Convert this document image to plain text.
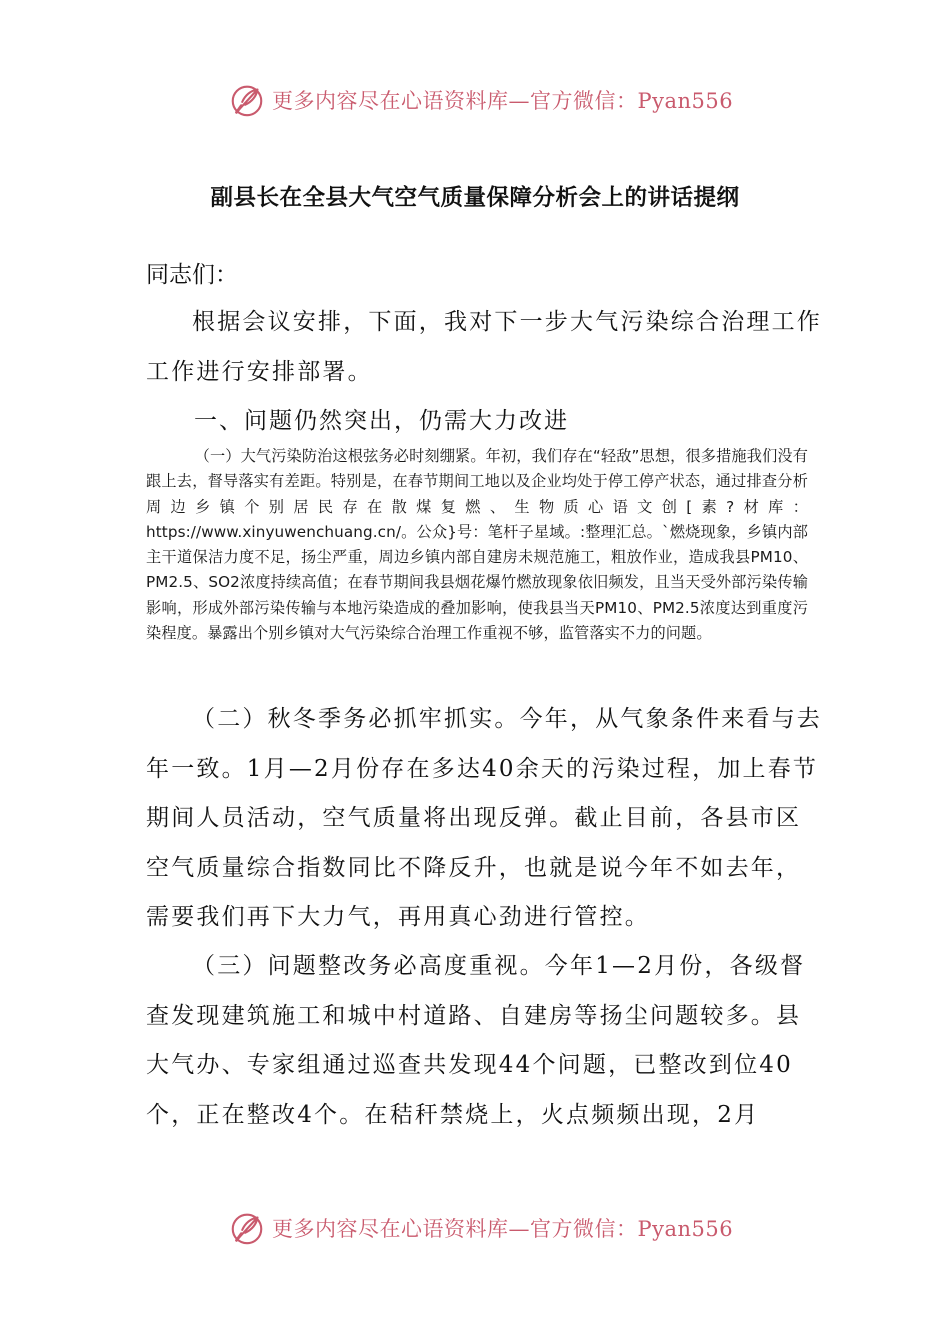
更多内容尽在心语资料库—官方微信：Pyan556
副县长在全县大气空气质量保障分析会上的讲话提纲
同志们：

根据会议安排，下面，我对下一步大气污染综合治理工作工作进行安排部署。

一、问题仍然突出，仍需大力改进

（一）大气污染防治这根弦务必时刻绷紧。年初，我们存在“轻敌”思想，很多措施我们没有跟上去，督导落实有差距。特别是，在春节期间工地以及企业均处于停工停产状态，通过排查分析周边乡镇个别居民存在散煤复燃、生物质心语文创[素?材库：https://www.xinyuwenchuang.cn/。公众}号：笔杆子星域。:整理汇总。`燃烧现象，乡镇内部主干道保洁力度不足，扬尘严重，周边乡镇内部自建房未规范施工，粗放作业，造成我县PM10、PM2.5、SO2浓度持续高值；在春节期间我县烟花爆竹燃放现象依旧频发，且当天受外部污染传输影响，形成外部污染传输与本地污染造成的叠加影响，使我县当天PM10、PM2.5浓度达到重度污染程度。暴露出个别乡镇对大气污染综合治理工作重视不够，监管落实不力的问题。

（二）秋冬季务必抓牢抓实。今年，从气象条件来看与去年一致。1月—2月份存在多达40余天的污染过程，加上春节期间人员活动，空气质量将出现反弹。截止目前，各县市区空气质量综合指数同比不降反升，也就是说今年不如去年，需要我们再下大力气，再用真心劲进行管控。

（三）问题整改务必高度重视。今年1—2月份，各级督查发现建筑施工和城中村道路、自建房等扬尘问题较多。县大气办、专家组通过巡查共发现44个问题，已整改到位40个，正在整改4个。在秸秆禁烧上，火点频频出现，2月

更多内容尽在心语资料库—官方微信：Pyan556
